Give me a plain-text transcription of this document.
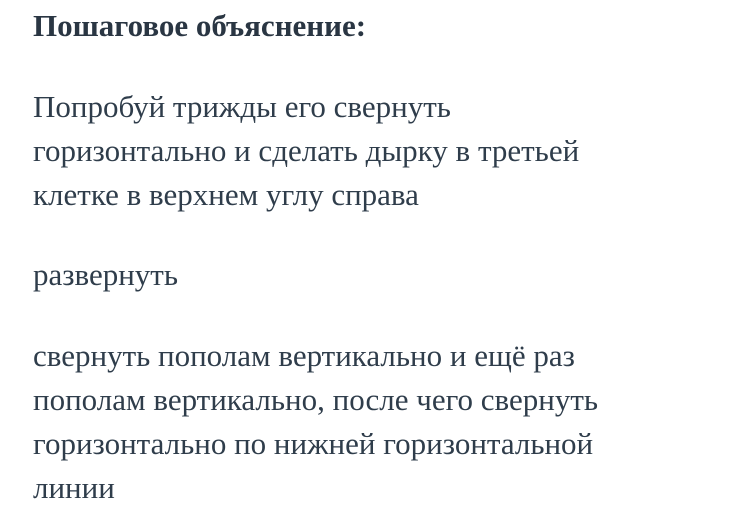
Пошаговое объяснение:

Попробуй трижды его свернуть
горизонтально и сделать дырку в третьей
клетке в верхнем углу справа

развернуть

свернуть пополам вертикально и ещё раз
пополам вертикально, после чего свернуть
горизонтально по нижней горизонтальной
линии
